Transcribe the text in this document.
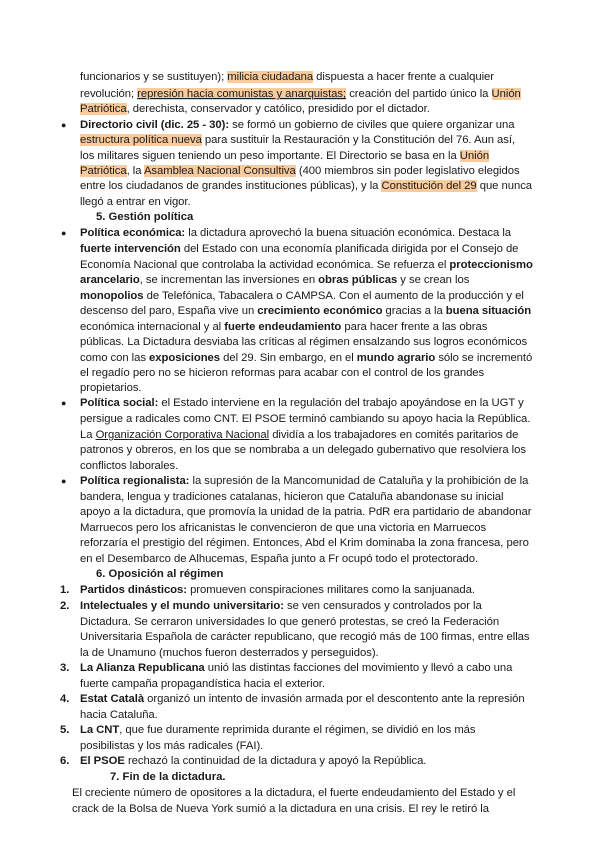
funcionarios y se sustituyen); milicia ciudadana dispuesta a hacer frente a cualquier
revolución; represión hacia comunistas y anarquistas; creación del partido único la Unión
Patriótica, derechista, conservador y católico, presidido por el dictador.
● Directorio civil (dic. 25 - 30): se formó un gobierno de civiles que quiere organizar una
estructura política nueva para sustituir la Restauración y la Constitución del 76. Aun así,
los militares siguen teniendo un peso importante. El Directorio se basa en la Unión
Patriótica, la Asamblea Nacional Consultiva (400 miembros sin poder legislativo elegidos
entre los ciudadanos de grandes instituciones públicas), y la Constitución del 29 que nunca
llegó a entrar en vigor.
5. Gestión política
● Política económica: la dictadura aprovechó la buena situación económica. Destaca la
fuerte intervención del Estado con una economía planificada dirigida por el Consejo de
Economía Nacional que controlaba la actividad económica. Se refuerza el proteccionismo
arancelario, se incrementan las inversiones en obras públicas y se crean los
monopolios de Telefónica, Tabacalera o CAMPSA. Con el aumento de la producción y el
descenso del paro, España vive un crecimiento económico gracias a la buena situación
económica internacional y al fuerte endeudamiento para hacer frente a las obras
públicas. La Dictadura desviaba las críticas al régimen ensalzando sus logros económicos
como con las exposiciones del 29. Sin embargo, en el mundo agrario sólo se incrementó
el regadío pero no se hicieron reformas para acabar con el control de los grandes
propietarios.
● Política social: el Estado interviene en la regulación del trabajo apoyándose en la UGT y
persigue a radicales como CNT. El PSOE terminó cambiando su apoyo hacia la República.
La Organización Corporativa Nacional dividía a los trabajadores en comités paritarios de
patronos y obreros, en los que se nombraba a un delegado gubernativo que resolviera los
conflictos laborales.
● Política regionalista: la supresión de la Mancomunidad de Cataluña y la prohibición de la
bandera, lengua y tradiciones catalanas, hicieron que Cataluña abandonase su inicial
apoyo a la dictadura, que promovía la unidad de la patria. PdR era partidario de abandonar
Marruecos pero los africanistas le convencieron de que una victoria en Marruecos
reforzaría el prestigio del régimen. Entonces, Abd el Krim dominaba la zona francesa, pero
en el Desembarco de Alhucemas, España junto a Fr ocupó todo el protectorado.
6. Oposición al régimen
1. Partidos dinásticos: promueven conspiraciones militares como la sanjuanada.
2. Intelectuales y el mundo universitario: se ven censurados y controlados por la
Dictadura. Se cerraron universidades lo que generó protestas, se creó la Federación
Universitaria Española de carácter republicano, que recogió más de 100 firmas, entre ellas
la de Unamuno (muchos fueron desterrados y perseguidos).
3. La Alianza Republicana unió las distintas facciones del movimiento y llevó a cabo una
fuerte campaña propagandística hacia el exterior.
4. Estat Català organizó un intento de invasión armada por el descontento ante la represión
hacia Cataluña.
5. La CNT, que fue duramente reprimida durante el régimen, se dividió en los más
posibilistas y los más radicales (FAI).
6. El PSOE rechazó la continuidad de la dictadura y apoyó la República.
7. Fin de la dictadura.
El creciente número de opositores a la dictadura, el fuerte endeudamiento del Estado y el
crack de la Bolsa de Nueva York sumió a la dictadura en una crisis. El rey le retiró la
